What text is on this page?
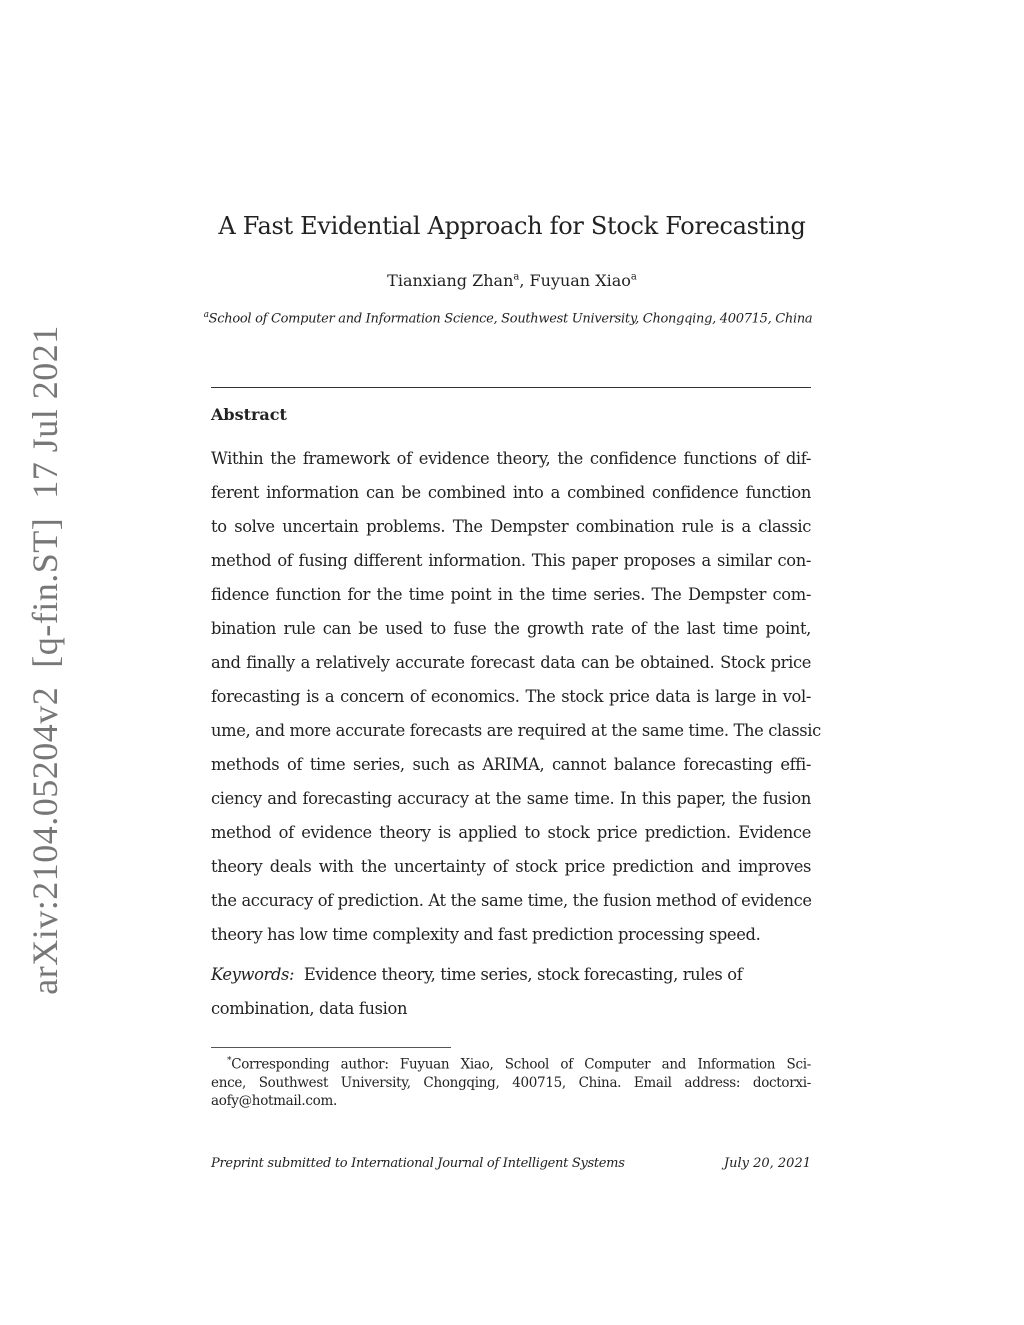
arXiv:2104.05204v2  [q-fin.ST]  17 Jul 2021
A Fast Evidential Approach for Stock Forecasting
Tianxiang Zhan$^a$, Fuyuan Xiao$^a$
$^a$School of Computer and Information Science, Southwest University, Chongqing, 400715, China
Abstract
Within the framework of evidence theory, the confidence functions of dif-
ferent information can be combined into a combined confidence function
to solve uncertain problems. The Dempster combination rule is a classic
method of fusing different information. This paper proposes a similar con-
fidence function for the time point in the time series. The Dempster com-
bination rule can be used to fuse the growth rate of the last time point,
and finally a relatively accurate forecast data can be obtained. Stock price
forecasting is a concern of economics. The stock price data is large in vol-
ume, and more accurate forecasts are required at the same time. The classic
methods of time series, such as ARIMA, cannot balance forecasting effi-
ciency and forecasting accuracy at the same time. In this paper, the fusion
method of evidence theory is applied to stock price prediction. Evidence
theory deals with the uncertainty of stock price prediction and improves
the accuracy of prediction. At the same time, the fusion method of evidence
theory has low time complexity and fast prediction processing speed.
Keywords: Evidence theory, time series, stock forecasting, rules of
combination, data fusion
*Corresponding author: Fuyuan Xiao, School of Computer and Information Sci-
ence, Southwest University, Chongqing, 400715, China. Email address: doctorxi-
aofy@hotmail.com.
Preprint submitted to International Journal of Intelligent Systems	July 20, 2021
